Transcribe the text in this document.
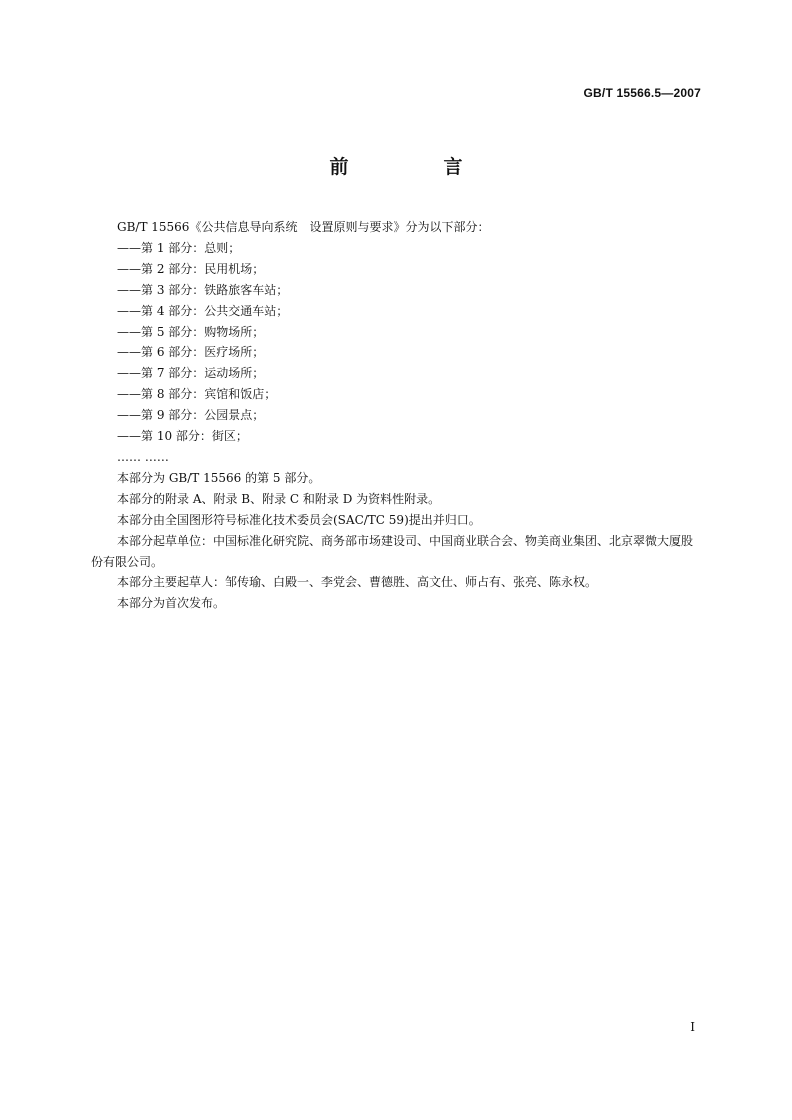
GB/T 15566.5—2007
前　言

GB/T 15566《公共信息导向系统　设置原则与要求》分为以下部分：

——第 1 部分：总则；

——第 2 部分：民用机场；

——第 3 部分：铁路旅客车站；

——第 4 部分：公共交通车站；

——第 5 部分：购物场所；

——第 6 部分：医疗场所；

——第 7 部分：运动场所；

——第 8 部分：宾馆和饭店；

——第 9 部分：公园景点；

——第 10 部分：街区；

…… ……

本部分为 GB/T 15566 的第 5 部分。

本部分的附录 A、附录 B、附录 C 和附录 D 为资料性附录。

本部分由全国图形符号标准化技术委员会(SAC/TC 59)提出并归口。

本部分起草单位：中国标准化研究院、商务部市场建设司、中国商业联合会、物美商业集团、北京翠微大厦股份有限公司。

本部分主要起草人：邹传瑜、白殿一、李党会、曹德胜、高文仕、师占有、张亮、陈永权。

本部分为首次发布。

I
